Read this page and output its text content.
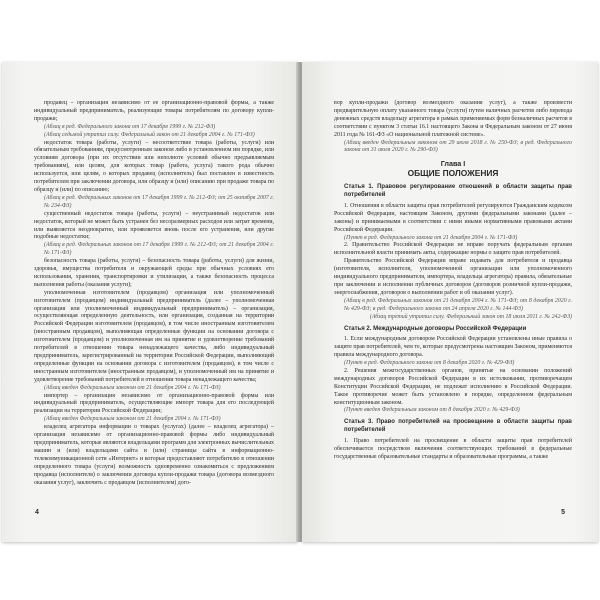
продавец – организация независимо от ее организационно-правовой формы, а также индивидуальный предприниматель, реализующие товары потребителям по договору купли-продажи;

(Абзац в ред. Федерального закона от 17 декабря 1999 г. № 212-ФЗ)

(Абзац седьмой утратил силу. Федеральный закон от 21 декабря 2004 г. № 171-ФЗ)

недостаток товара (работы, услуги) – несоответствие товара (работы, услуги) или обязательным требованиям, предусмотренным законом либо в установленном им порядке, или условиям договора (при их отсутствии или неполноте условий обычно предъявляемым требованиям), или целям, для которых товар (работа, услуга) такого рода обычно используется, или целям, о которых продавец (исполнитель) был поставлен в известность потребителем при заключении договора, или образцу и (или) описанию при продаже товара по образцу и (или) по описанию;

(Абзац в ред. Федеральных законов от 17 декабря 1999 г. № 212-ФЗ; от 25 октября 2007 г. № 234-ФЗ)

существенный недостаток товара (работы, услуги) – неустранимый недостаток или недостаток, который не может быть устранен без несоразмерных расходов или затрат времени, или выявляется неоднократно, или проявляется вновь после его устранения, или другие подобные недостатки;

(Абзац в ред. Федеральных законов от 17 декабря 1999 г. № 212-ФЗ; от 21 декабря 2004 г. № 171-ФЗ)

безопасность товара (работы, услуги) – безопасность товара (работы, услуги) для жизни, здоровья, имущества потребителя и окружающей среды при обычных условиях его использования, хранения, транспортировки и утилизации, а также безопасность процесса выполнения работы (оказания услуги);

уполномоченная изготовителем (продавцом) организация или уполномоченный изготовителем (продавцом) индивидуальный предприниматель (далее – уполномоченная организация или уполномоченный индивидуальный предприниматель) – организация, осуществляющая определенную деятельность, или организация, созданная на территории Российской Федерации изготовителем (продавцом), в том числе иностранным изготовителем (иностранным продавцом), выполняющая определенные функции на основании договора с изготовителем (продавцом) и уполномоченная им на принятие и удовлетворение требований потребителей в отношении товара ненадлежащего качества, либо индивидуальный предприниматель, зарегистрированный на территории Российской Федерации, выполняющий определенные функции на основании договора с изготовителем (продавцом), в том числе с иностранным изготовителем (иностранным продавцом), и уполномоченный им на принятие и удовлетворение требований потребителей в отношении товара ненадлежащего качества;

(Абзац введен Федеральным законом от 21 декабря 2004 г. № 171-ФЗ)

импортер – организация независимо от организационно-правовой формы или индивидуальный предприниматель, осуществляющие импорт товара для его последующей реализации на территории Российской Федерации;

(Абзац введен Федеральным законом от 21 декабря 2004 г. № 171-ФЗ)

владелец агрегатора информации о товарах (услугах) (далее – владелец агрегатора) – организация независимо от организационно-правовой формы либо индивидуальный предприниматель, которые являются владельцами программ для электронных вычислительных машин и (или) владельцами сайта и (или) страницы сайта в информационно-телекоммуникационной сети «Интернет» и которые предоставляют потребителю в отношении определенного товара (услуги) возможность одновременно ознакомиться с предложением продавца (исполнителя) о заключении договора купли-продажи товара (договора возмездного оказания услуг), заключить с продавцом (исполнителем) дого-

4

вор купли-продажи (договор возмездного оказания услуг), а также произвести предварительную оплату указанного товара (услуги) путем наличных расчетов либо перевода денежных средств владельцу агрегатора в рамках применяемых форм безналичных расчетов в соответствии с пунктом 3 статьи 16.1 настоящего Закона и Федеральным законом от 27 июня 2011 года № 161-ФЗ «О национальной платежной системе».

(Абзац введен Федеральным законом от 29 июля 2018 г. № 250-ФЗ; в ред. Федерального закона от 31 июля 2020 г. № 290-ФЗ)

Глава I
ОБЩИЕ ПОЛОЖЕНИЯ
Статья 1. Правовое регулирование отношений в области защиты прав потребителей

1. Отношения в области защиты прав потребителей регулируются Гражданским кодексом Российской Федерации, настоящим Законом, другими федеральными законами (далее – законы) и принимаемыми в соответствии с ними иными нормативными правовыми актами Российской Федерации.

(Пункт в ред. Федерального закона от 21 декабря 2004 г. № 171-ФЗ)

2. Правительство Российской Федерации не вправе поручать федеральным органам исполнительной власти принимать акты, содержащие нормы о защите прав потребителей.

Правительство Российской Федерации вправе издавать для потребителя и продавца (изготовителя, исполнителя, уполномоченной организации или уполномоченного индивидуального предпринимателя, импортера, владельца агрегатора) правила, обязательные при заключении и исполнении публичных договоров (договоров розничной купли-продажи, энергоснабжения, договоров о выполнении работ и об оказании услуг).

(Абзац в ред. Федеральных законов от 21 декабря 2004 г. № 171-ФЗ; от 8 декабря 2020 г. № 429-ФЗ; в ред. Федерального закона от 24 апреля 2020 г. № 144-ФЗ)

(Абзац третий утратил силу. Федеральный закон от 18 июля 2011 г. № 242-ФЗ)

Статья 2. Международные договоры Российской Федерации

1. Если международным договором Российской Федерации установлены иные правила о защите прав потребителей, чем те, которые предусмотрены настоящим Законом, применяются правила международного договора.

(Пункт в ред. Федерального закона от 8 декабря 2020 г. № 429-ФЗ)

2. Решения межгосударственных органов, принятые на основании положений международных договоров Российской Федерации в их истолковании, противоречащем Конституции Российской Федерации, не подлежат исполнению в Российской Федерации. Такое противоречие может быть установлено в порядке, определенном федеральным конституционным законом.

(Пункт введен Федеральным законом от 8 декабря 2020 г. № 429-ФЗ)

Статья 3. Право потребителей на просвещение в области защиты прав потребителей

1. Право потребителей на просвещение в области защиты прав потребителей обеспечивается посредством включения соответствующих требований в федеральные государственные образовательные стандарты и образовательные программы, а также

5
